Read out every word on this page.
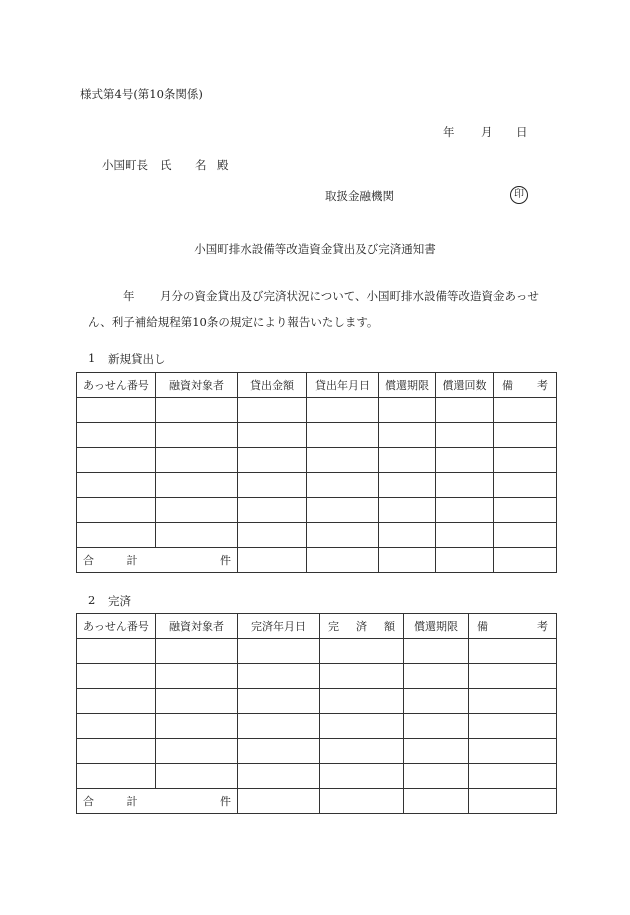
様式第4号(第10条関係)
年 月 日
小国町長 氏 名 殿
取扱金融機関	印
小国町排水設備等改造資金貸出及び完済通知書
年 月分の資金貸出及び完済状況について、小国町排水設備等改造資金あっせ
ん、利子補給規程第10条の規定により報告いたします。
1 新規貸出し
あっせん番号	融資対象者	貸出金額	貸出年月日	償還期限	償還回数	備 考

合 計 件						

2 完済
あっせん番号	融資対象者	完済年月日	完 済 額	償還期限	備 考

合 計 件					
